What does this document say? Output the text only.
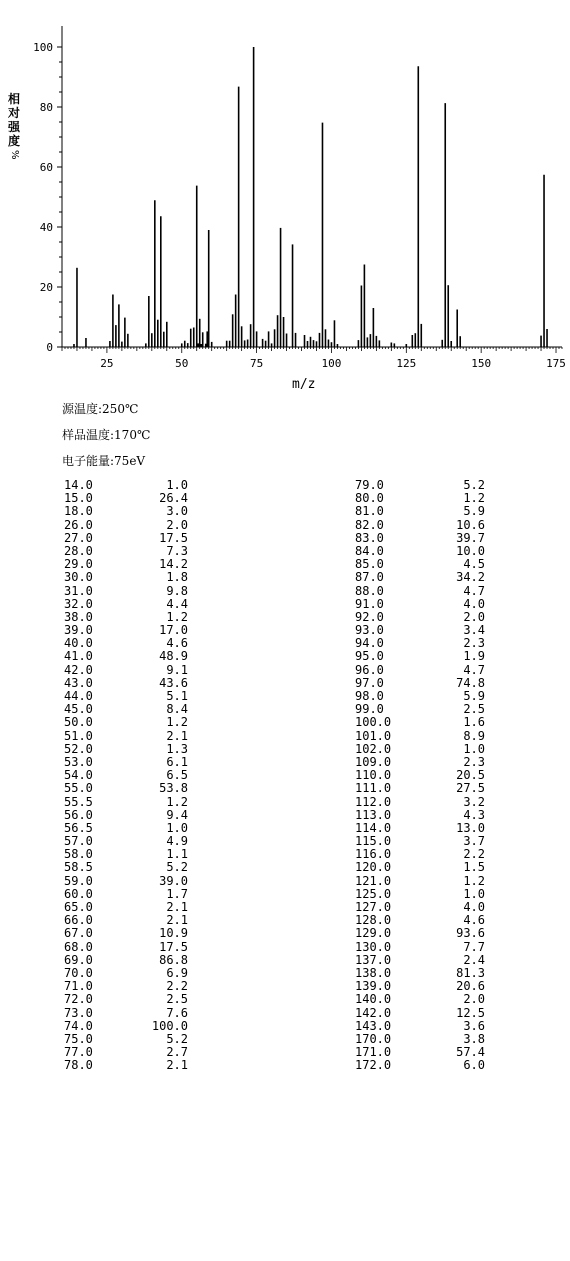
0
20
40
60
80
100
25	50	75	100	125	150	175
相
对
强
度
%
m/z
源温度:250℃
样品温度:170℃
电子能量:75eV
14.0	1.0
15.0	26.4
18.0	3.0
26.0	2.0
27.0	17.5
28.0	7.3
29.0	14.2
30.0	1.8
31.0	9.8
32.0	4.4
38.0	1.2
39.0	17.0
40.0	4.6
41.0	48.9
42.0	9.1
43.0	43.6
44.0	5.1
45.0	8.4
50.0	1.2
51.0	2.1
52.0	1.3
53.0	6.1
54.0	6.5
55.0	53.8
55.5	1.2
56.0	9.4
56.5	1.0
57.0	4.9
58.0	1.1
58.5	5.2
59.0	39.0
60.0	1.7
65.0	2.1
66.0	2.1
67.0	10.9
68.0	17.5
69.0	86.8
70.0	6.9
71.0	2.2
72.0	2.5
73.0	7.6
74.0	100.0
75.0	5.2
77.0	2.7
78.0	2.1
79.0	5.2
80.0	1.2
81.0	5.9
82.0	10.6
83.0	39.7
84.0	10.0
85.0	4.5
87.0	34.2
88.0	4.7
91.0	4.0
92.0	2.0
93.0	3.4
94.0	2.3
95.0	1.9
96.0	4.7
97.0	74.8
98.0	5.9
99.0	2.5
100.0	1.6
101.0	8.9
102.0	1.0
109.0	2.3
110.0	20.5
111.0	27.5
112.0	3.2
113.0	4.3
114.0	13.0
115.0	3.7
116.0	2.2
120.0	1.5
121.0	1.2
125.0	1.0
127.0	4.0
128.0	4.6
129.0	93.6
130.0	7.7
137.0	2.4
138.0	81.3
139.0	20.6
140.0	2.0
142.0	12.5
143.0	3.6
170.0	3.8
171.0	57.4
172.0	6.0
